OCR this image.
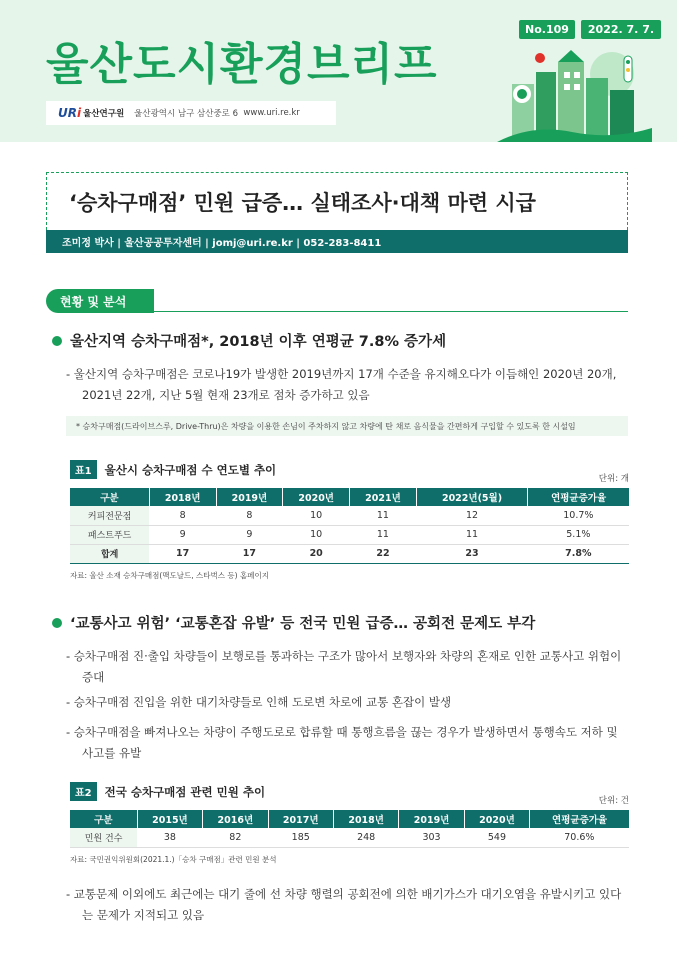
울산도시환경브리프
No.109	2022. 7. 7.
URi 울산연구원 울산광역시 남구 삼산중로 6
www.uri.re.kr
‘승차구매점’ 민원 급증… 실태조사·대책 마련 시급
조미정 박사 | 울산공공투자센터 | jomj@uri.re.kr | 052-283-8411
현황 및 분석
울산지역 승차구매점*, 2018년 이후 연평균 7.8% 증가세
- 울산지역 승차구매점은 코로나19가 발생한 2019년까지 17개 수준을 유지해오다가 이듬해인 2020년 20개, 2021년 22개, 지난 5월 현재 23개로 점차 증가하고 있음
* 승차구매점(드라이브스루, Drive-Thru)은 차량을 이용한 손님이 주차하지 않고 차량에 탄 채로 음식물을 간편하게 구입할 수 있도록 한 시설임
표1	울산시 승차구매점 수 연도별 추이
단위: 개
구분	2018년	2019년	2020년	2021년	2022년(5월)	연평균증가율
커피전문점	8	8	10	11	12	10.7%
패스트푸드	9	9	10	11	11	5.1%
합계	17	17	20	22	23	7.8%
자료: 울산 소재 승차구매점(맥도날드, 스타벅스 등) 홈페이지
‘교통사고 위험’ ‘교통혼잡 유발’ 등 전국 민원 급증… 공회전 문제도 부각
- 승차구매점 진·출입 차량들이 보행로를 통과하는 구조가 많아서 보행자와 차량의 혼재로 인한 교통사고 위험이 증대
- 승차구매점 진입을 위한 대기차량들로 인해 도로변 차로에 교통 혼잡이 발생
- 승차구매점을 빠져나오는 차량이 주행도로로 합류할 때 통행흐름을 끊는 경우가 발생하면서 통행속도 저하 및 사고를 유발
표2	전국 승차구매점 관련 민원 추이
단위: 건
구분	2015년	2016년	2017년	2018년	2019년	2020년	연평균증가율
민원 건수	38	82	185	248	303	549	70.6%
자료: 국민권익위원회(2021.1.)「승차 구매점」관련 민원 분석
- 교통문제 이외에도 최근에는 대기 줄에 선 차량 행렬의 공회전에 의한 배기가스가 대기오염을 유발시키고 있다는 문제가 지적되고 있음
